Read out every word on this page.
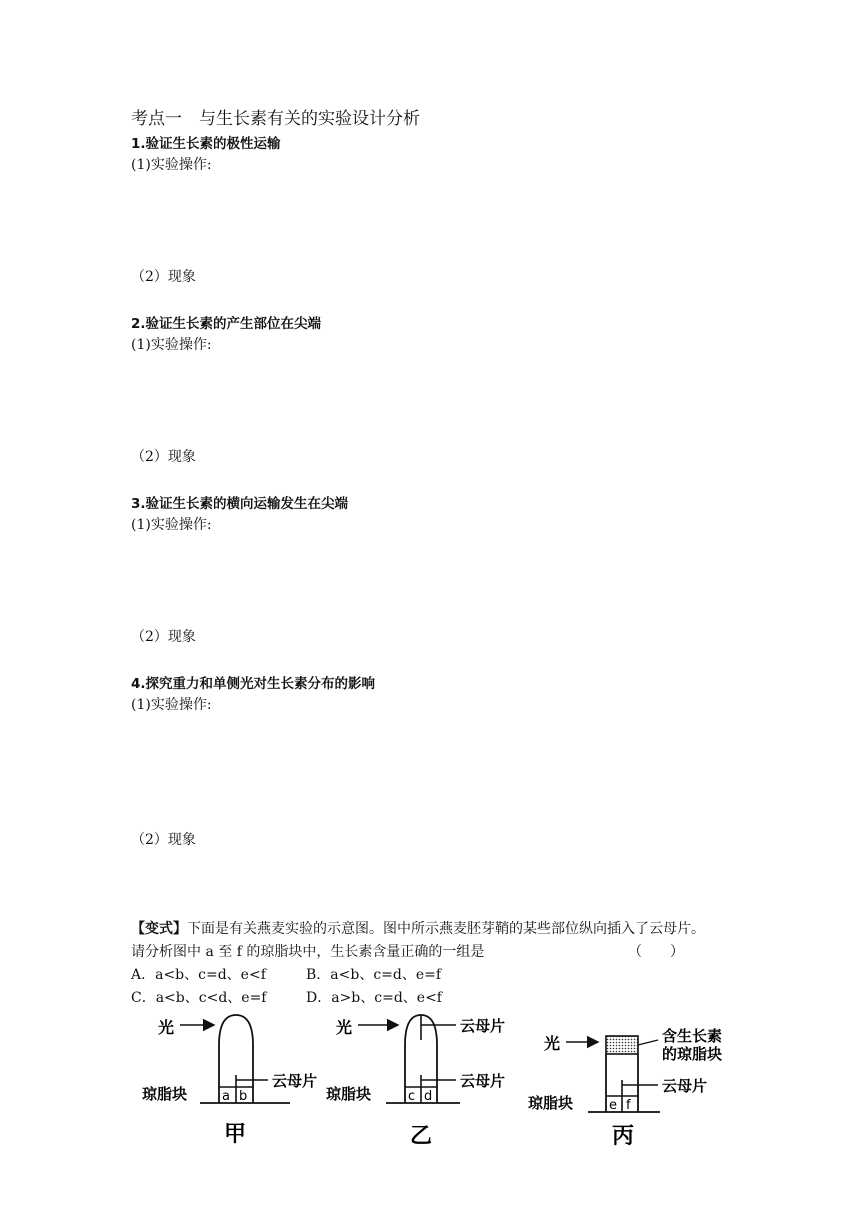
考点一　与生长素有关的实验设计分析
1.验证生长素的极性运输
(1)实验操作:
（2）现象
2.验证生长素的产生部位在尖端
(1)实验操作:
（2）现象
3.验证生长素的横向运输发生在尖端
(1)实验操作:
（2）现象
4.探究重力和单侧光对生长素分布的影响
(1)实验操作:
（2）现象
【变式】下面是有关燕麦实验的示意图。图中所示燕麦胚芽鞘的某些部位纵向插入了云母片。
请分析图中 a 至 f 的琼脂块中，生长素含量正确的一组是	（　　）
A．a<b、c=d、e<f	B．a<b、c=d、e=f
C．a<b、c<d、e=f	D．a>b、c=d、e<f
光
a b
云母片
琼脂块
甲
光	云母片
c d
云母片
琼脂块
乙
光
e f
含生长素
的琼脂块
云母片
琼脂块
丙
